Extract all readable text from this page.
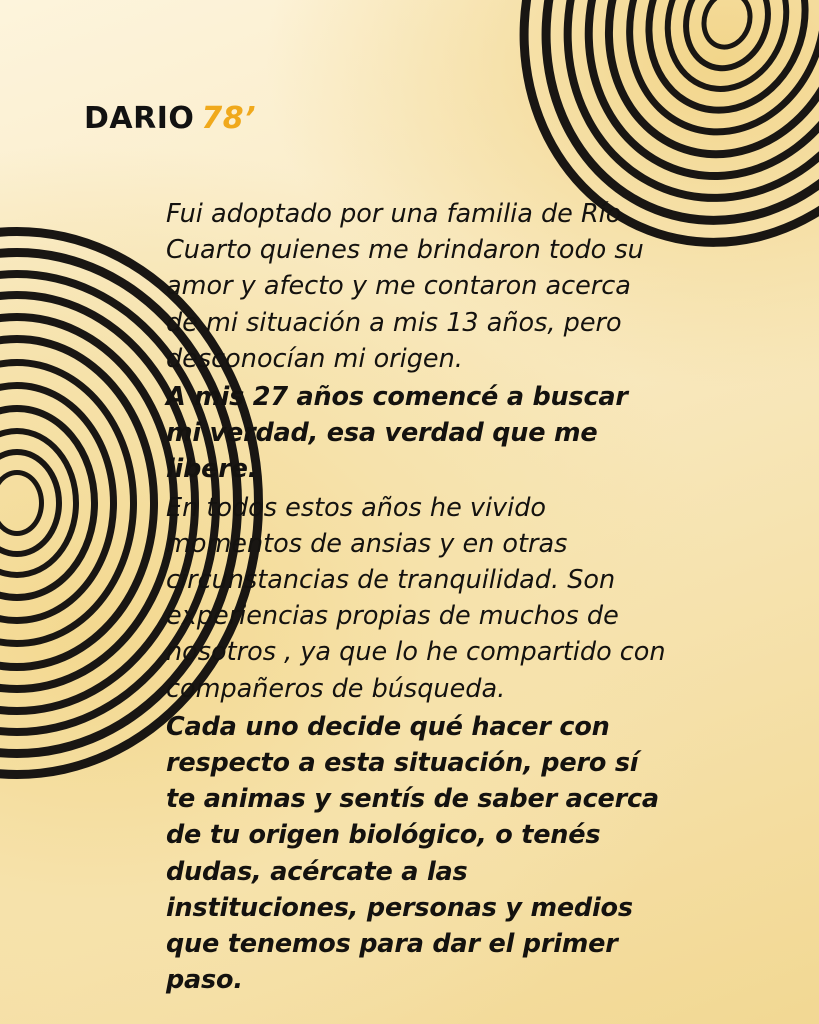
DARIO 78’

Fui adoptado por una familia de Río Cuarto quienes me brindaron todo su amor y afecto y me contaron acerca de mi situación a mis 13 años, pero desconocían mi origen.

A mis 27 años comencé a buscar mi verdad, esa verdad que me libere.

En todos estos años he vivido momentos de ansias y en otras circunstancias de tranquilidad. Son experiencias propias de muchos de nosotros , ya que lo he compartido con compañeros de búsqueda.

Cada uno decide qué hacer con respecto a esta situación, pero sí te animas y sentís de saber acerca de tu origen biológico, o tenés dudas, acércate a las instituciones, personas y medios que tenemos para dar el primer paso.
